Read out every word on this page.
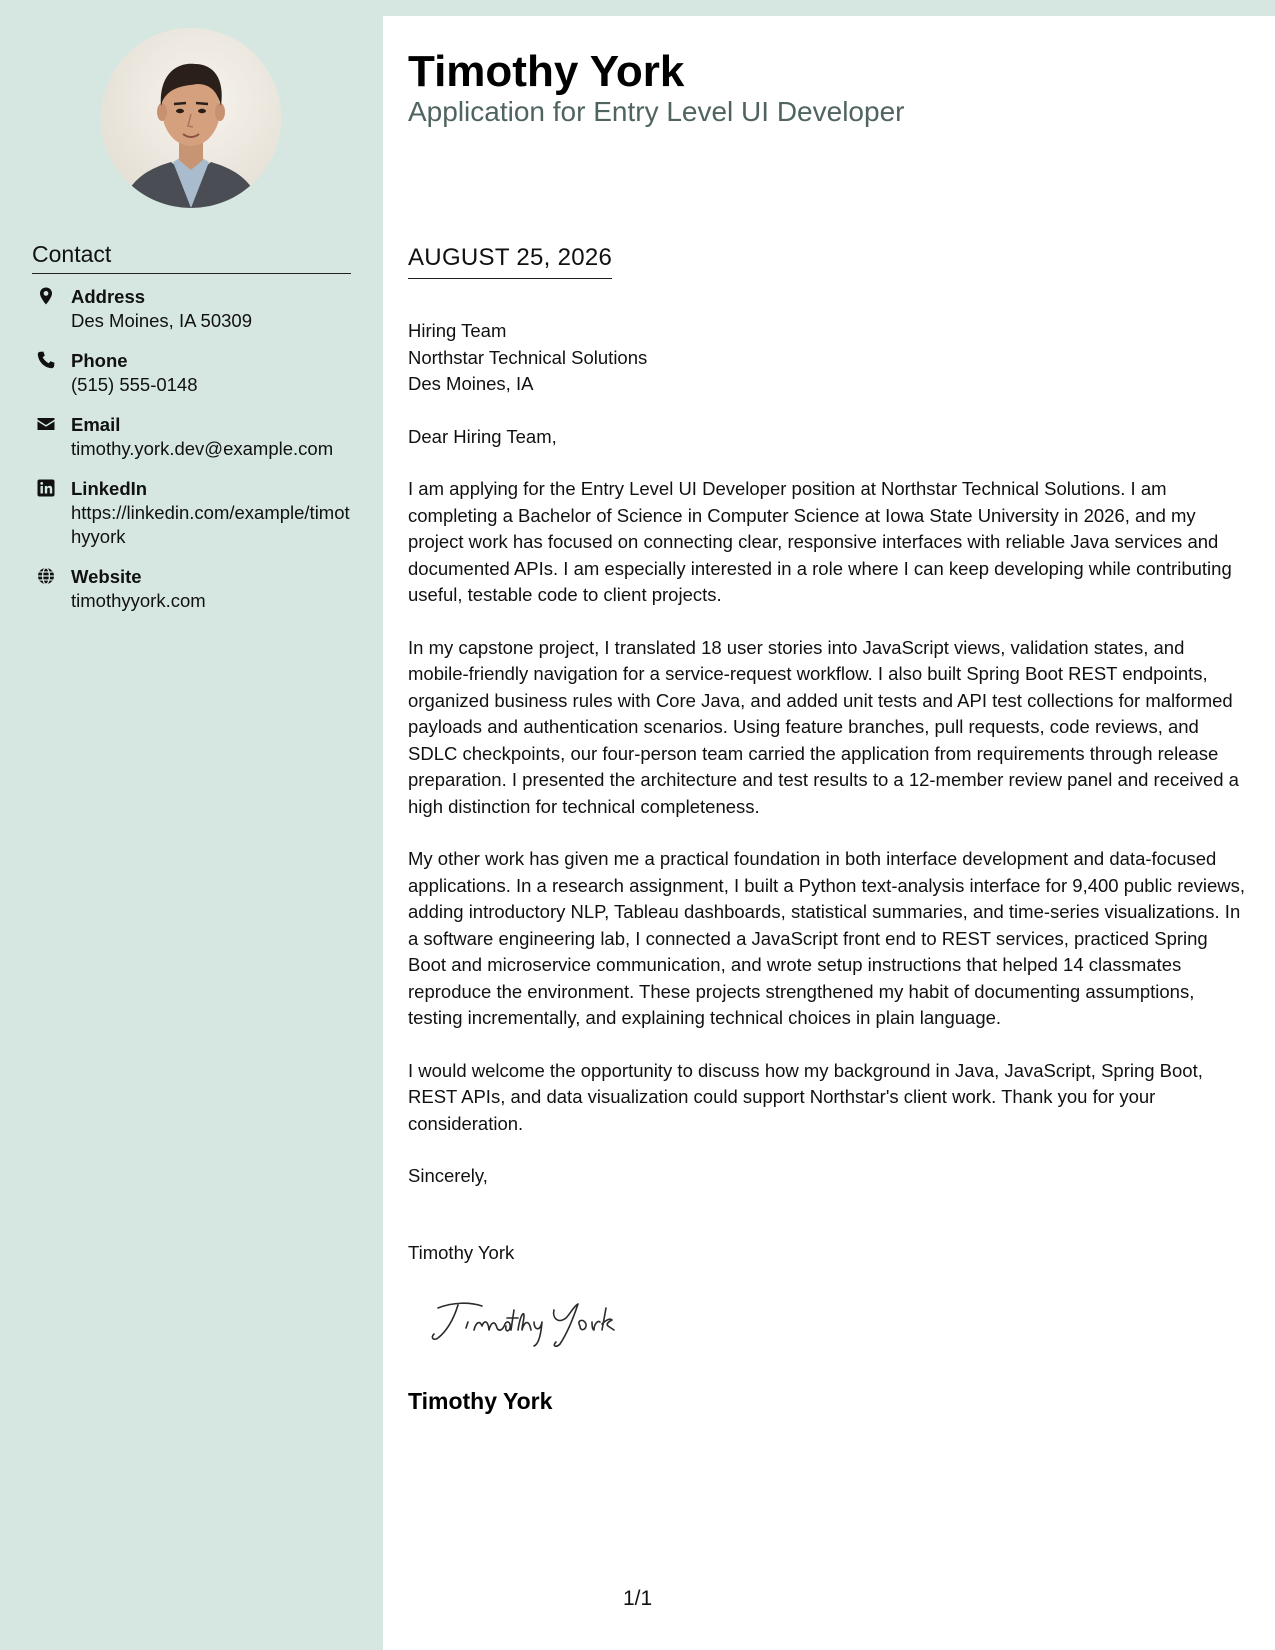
Contact
Address
Des Moines, IA 50309
Phone
(515) 555-0148
Email
timothy.york.dev@example.com
LinkedIn
https://linkedin.com/example/timothyyork
Website
timothyyork.com
Timothy York
Application for Entry Level UI Developer
AUGUST 25, 2026
Hiring Team
Northstar Technical Solutions
Des Moines, IA

Dear Hiring Team,

I am applying for the Entry Level UI Developer position at Northstar Technical Solutions. I am completing a Bachelor of Science in Computer Science at Iowa State University in 2026, and my project work has focused on connecting clear, responsive interfaces with reliable Java services and documented APIs. I am especially interested in a role where I can keep developing while contributing useful, testable code to client projects.

In my capstone project, I translated 18 user stories into JavaScript views, validation states, and mobile-friendly navigation for a service-request workflow. I also built Spring Boot REST endpoints, organized business rules with Core Java, and added unit tests and API test collections for malformed payloads and authentication scenarios. Using feature branches, pull requests, code reviews, and SDLC checkpoints, our four-person team carried the application from requirements through release preparation. I presented the architecture and test results to a 12-member review panel and received a high distinction for technical completeness.

My other work has given me a practical foundation in both interface development and data-focused applications. In a research assignment, I built a Python text-analysis interface for 9,400 public reviews, adding introductory NLP, Tableau dashboards, statistical summaries, and time-series visualizations. In a software engineering lab, I connected a JavaScript front end to REST services, practiced Spring Boot and microservice communication, and wrote setup instructions that helped 14 classmates reproduce the environment. These projects strengthened my habit of documenting assumptions, testing incrementally, and explaining technical choices in plain language.

I would welcome the opportunity to discuss how my background in Java, JavaScript, Spring Boot, REST APIs, and data visualization could support Northstar's client work. Thank you for your consideration.

Sincerely,
Timothy York
Timothy York
1/1
